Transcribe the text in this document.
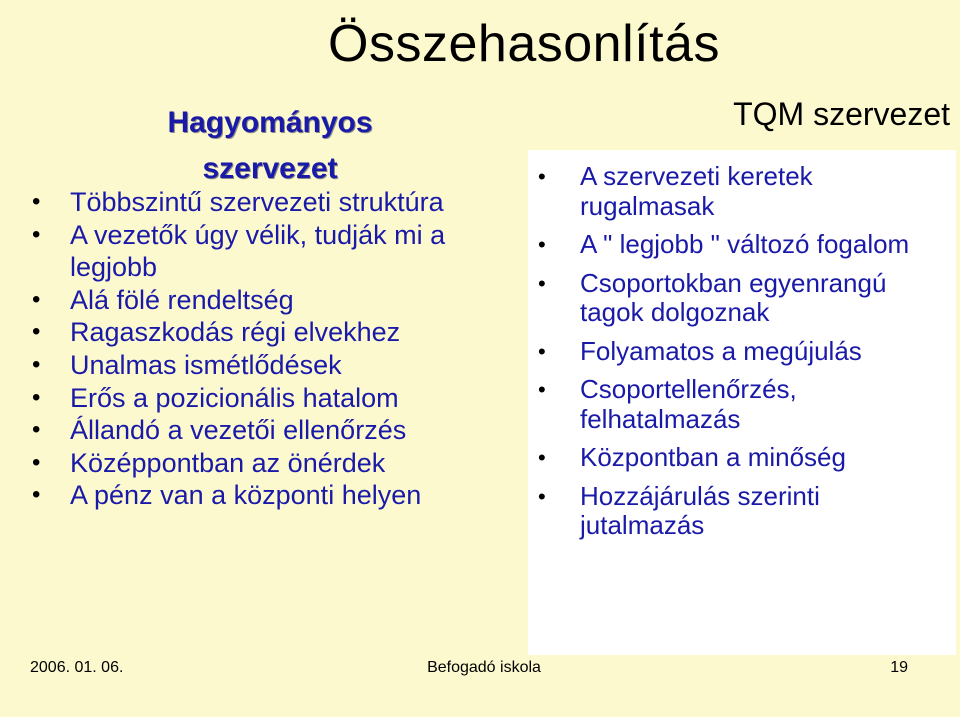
Összehasonlítás
Hagyományos
szervezet
• Többszintű szervezeti struktúra
• A vezetők úgy vélik, tudják mi a legjobb
• Alá fölé rendeltség
• Ragaszkodás régi elvekhez
• Unalmas ismétlődések
• Erős a pozicionális hatalom
• Állandó a vezetői ellenőrzés
• Középpontban az önérdek
• A pénz van a központi helyen
TQM szervezet
• A szervezeti keretek rugalmasak
• A " legjobb " változó fogalom
• Csoportokban egyenrangú tagok dolgoznak
• Folyamatos a megújulás
• Csoportellenőrzés, felhatalmazás
• Központban a minőség
• Hozzájárulás szerinti jutalmazás
2006. 01. 06.	Befogadó iskola	19
